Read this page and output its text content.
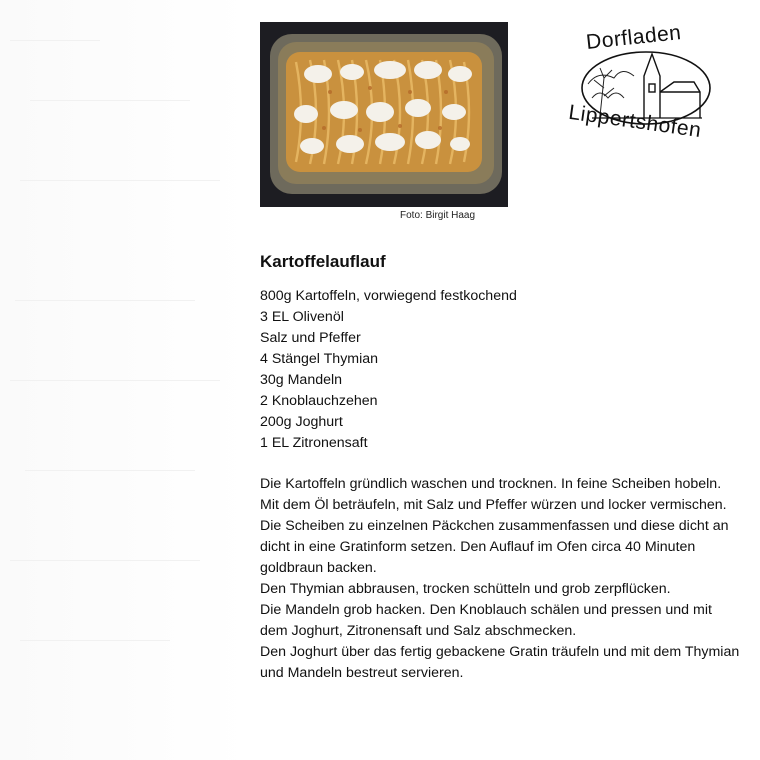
Foto: Birgit Haag
Dorfladen
Lippertshofen
Kartoffelauflauf
800g Kartoffeln, vorwiegend festkochend
3 EL Olivenöl
Salz und Pfeffer
4 Stängel Thymian
30g Mandeln
2 Knoblauchzehen
200g Joghurt
1 EL Zitronensaft

Die Kartoffeln gründlich waschen und trocknen. In feine Scheiben hobeln. Mit dem Öl beträufeln, mit Salz und Pfeffer würzen und locker vermischen.

Die Scheiben zu einzelnen Päckchen zusammenfassen und diese dicht an dicht in eine Gratinform setzen. Den Auflauf im Ofen circa 40 Minuten goldbraun backen.

Den Thymian abbrausen, trocken schütteln und grob zerpflücken.

Die Mandeln grob hacken. Den Knoblauch schälen und pressen und mit dem Joghurt, Zitronensaft und Salz abschmecken.

Den Joghurt über das fertig gebackene Gratin träufeln und mit dem Thymian und Mandeln bestreut servieren.
